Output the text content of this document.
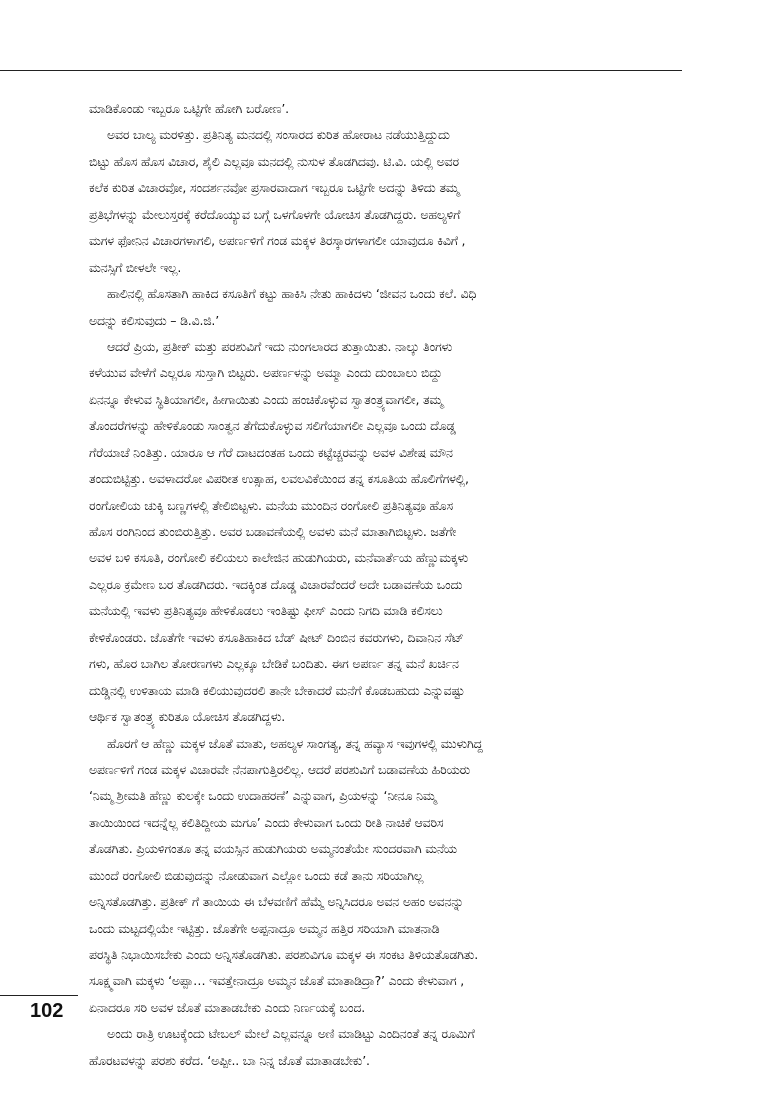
ಮಾಡಿಕೊಂಡು ಇಬ್ಬರೂ ಒಟ್ಟಿಗೇ ಹೋಗಿ ಬರೋಣ’.
ಅವರ ಬಾಲ್ಯ ಮರಳಿತ್ತು. ಪ್ರತಿನಿತ್ಯ ಮನದಲ್ಲಿ ಸಂಸಾರದ ಕುರಿತ ಹೋರಾಟ ನಡೆಯುತ್ತಿದ್ದುದು
ಬಿಟ್ಟು ಹೊಸ ಹೊಸ ವಿಚಾರ, ಶೈಲಿ ಎಲ್ಲವೂ ಮನದಲ್ಲಿ ನುಸುಳ ತೊಡಗಿದವು. ಟಿ.ವಿ. ಯಲ್ಲಿ ಅವರ
ಕಲೆಕ ಕುರಿತ ವಿಚಾರವೋ, ಸಂದರ್ಶನವೋ ಪ್ರಸಾರವಾದಾಗ ಇಬ್ಬರೂ ಒಟ್ಟಿಗೇ ಅದನ್ನು ತಿಳಿದು ತಮ್ಮ
ಪ್ರತಿಭೆಗಳನ್ನು ಮೇಲುಸ್ತರಕ್ಕೆ ಕರೆದೊಯ್ಯುವ ಬಗ್ಗೆ ಒಳಗೊಳಗೇ ಯೋಚಿಸ ತೊಡಗಿದ್ದರು. ಅಹಲ್ಯಳಿಗೆ
ಮಗಳ ಫೋನಿನ ವಿಚಾರಗಳಾಗಲಿ, ಅಪರ್ಣಳಿಗೆ ಗಂಡ ಮಕ್ಕಳ ತಿರಸ್ಕಾರಗಳಾಗಲೀ ಯಾವುದೂ ಕಿವಿಗೆ ,
ಮನಸ್ಸಿಗೆ ಬೀಳಲೇ ಇಲ್ಲ.
ಹಾಲಿನಲ್ಲಿ ಹೊಸತಾಗಿ ಹಾಕಿದ ಕಸೂತಿಗೆ ಕಟ್ಟು ಹಾಕಿಸಿ ನೇತು ಹಾಕಿದಳು ‘ಜೀವನ ಒಂದು ಕಲೆ. ವಿಧಿ
ಅದನ್ನು ಕಲಿಸುವುದು – ಡಿ.ವಿ.ಜಿ.’
ಆದರೆ ಪ್ರಿಯ, ಪ್ರತೀಕ್ ಮತ್ತು ಪರಶುವಿಗೆ ಇದು ನುಂಗಲಾರದ ತುತ್ತಾಯಿತು. ನಾಲ್ಕು ತಿಂಗಳು
ಕಳೆಯುವ ವೇಳೆಗೆ ಎಲ್ಲರೂ ಸುಸ್ತಾಗಿ ಬಿಟ್ಟರು. ಅಪರ್ಣಳನ್ನು ಅಮ್ಮಾ ಎಂದು ದುಂಬಾಲು ಬಿದ್ದು
ಏನನ್ನೂ ಕೇಳುವ ಸ್ಥಿತಿಯಾಗಲೀ, ಹೀಗಾಯಿತು ಎಂದು ಹಂಚಿಕೊಳ್ಳುವ ಸ್ವಾತಂತ್ರ್ಯವಾಗಲೀ, ತಮ್ಮ
ತೊಂದರೆಗಳನ್ನು ಹೇಳಿಕೊಂಡು ಸಾಂತ್ವನ ತೆಗೆದುಕೊಳ್ಳುವ ಸಲಿಗೆಯಾಗಲೀ ಎಲ್ಲವೂ ಒಂದು ದೊಡ್ಡ
ಗೆರೆಯಾಚೆ ನಿಂತಿತ್ತು. ಯಾರೂ ಆ ಗೆರೆ ದಾಟದಂತಹ ಒಂದು ಕಟ್ಟೆಚ್ಚರವನ್ನು ಅವಳ ವಿಶೇಷ ಮೌನ
ತಂದುಬಿಟ್ಟಿತ್ತು. ಅವಳಾದರೋ ವಿಪರೀತ ಉತ್ಸಾಹ, ಲವಲವಿಕೆಯಿಂದ ತನ್ನ ಕಸೂತಿಯ ಹೊಲಿಗೆಗಳಲ್ಲಿ,
ರಂಗೋಲಿಯ ಚುಕ್ಕಿ ಬಣ್ಣಗಳಲ್ಲಿ ತೇಲಿಬಿಟ್ಟಳು. ಮನೆಯ ಮುಂದಿನ ರಂಗೋಲಿ ಪ್ರತಿನಿತ್ಯವೂ ಹೊಸ
ಹೊಸ ರಂಗಿನಿಂದ ತುಂಬಿರುತ್ತಿತ್ತು. ಅವರ ಬಡಾವಣೆಯಲ್ಲಿ ಅವಳು ಮನೆ ಮಾತಾಗಿಬಿಟ್ಟಳು. ಜತೆಗೇ
ಅವಳ ಬಳಿ ಕಸೂತಿ, ರಂಗೋಲಿ ಕಲಿಯಲು ಕಾಲೇಜಿನ ಹುಡುಗಿಯರು, ಮನೆವಾರ್ತೆಯ ಹೆಣ್ಣುಮಕ್ಕಳು
ಎಲ್ಲರೂ ಕ್ರಮೇಣ ಬರ ತೊಡಗಿದರು. ಇದಕ್ಕಿಂತ ದೊಡ್ಡ ವಿಚಾರವೆಂದರೆ ಅದೇ ಬಡಾವಣೆಯ ಒಂದು
ಮನೆಯಲ್ಲಿ ಇವಳು ಪ್ರತಿನಿತ್ಯವೂ ಹೇಳಿಕೊಡಲು ಇಂತಿಷ್ಟು ಫೀಸ್ ಎಂದು ನಿಗದಿ ಮಾಡಿ ಕಲಿಸಲು
ಕೇಳಿಕೊಂಡರು. ಜೊತೆಗೇ ಇವಳು ಕಸೂತಿಹಾಕಿದ ಬೆಡ್ ಷೀಟ್ ದಿಂಬಿನ ಕವರುಗಳು, ದಿವಾನಿನ ಸೆಟ್
ಗಳು, ಹೊರ ಬಾಗಿಲ ತೋರಣಗಳು ಎಲ್ಲಕ್ಕೂ ಬೇಡಿಕೆ ಬಂದಿತು. ಈಗ ಅಪರ್ಣ ತನ್ನ ಮನೆ ಖರ್ಚಿನ
ದುಡ್ಡಿನಲ್ಲಿ ಉಳಿತಾಯ ಮಾಡಿ ಕಲಿಯುವುದರಲಿ ತಾನೇ ಬೇಕಾದರೆ ಮನೆಗೆ ಕೊಡಬಹುದು ಎನ್ನುವಷ್ಟು
ಆರ್ಥಿಕ ಸ್ವಾತಂತ್ರ್ಯ ಕುರಿತೂ ಯೋಚಿಸ ತೊಡಗಿದ್ದಳು.
ಹೊರಗೆ ಆ ಹೆಣ್ಣು ಮಕ್ಕಳ ಜೊತೆ ಮಾತು, ಅಹಲ್ಯಳ ಸಾಂಗತ್ಯ, ತನ್ನ ಹವ್ಯಾಸ ಇವುಗಳಲ್ಲಿ ಮುಳುಗಿದ್ದ
ಅಪರ್ಣಳಿಗೆ ಗಂಡ ಮಕ್ಕಳ ವಿಚಾರವೇ ನೆನಪಾಗುತ್ತಿರಲಿಲ್ಲ. ಆದರೆ ಪರಶುವಿಗೆ ಬಡಾವಣೆಯ ಹಿರಿಯರು
‘ನಿಮ್ಮ ಶ್ರೀಮತಿ ಹೆಣ್ಣು ಕುಲಕ್ಕೇ ಒಂದು ಉದಾಹರಣೆ’ ಎನ್ನುವಾಗ, ಪ್ರಿಯಳನ್ನು ‘ನೀನೂ ನಿಮ್ಮ
ತಾಯಿಯಿಂದ ಇದನ್ನೆಲ್ಲ ಕಲಿತಿದ್ದೀಯ ಮಗೂ’ ಎಂದು ಕೇಳುವಾಗ ಒಂದು ರೀತಿ ನಾಚಿಕೆ ಆವರಿಸ
ತೊಡಗಿತು. ಪ್ರಿಯಳಿಗಂತೂ ತನ್ನ ವಯಸ್ಸಿನ ಹುಡುಗಿಯರು ಅಮ್ಮನಂತೆಯೇ ಸುಂದರವಾಗಿ ಮನೆಯ
ಮುಂದೆ ರಂಗೋಲಿ ಬಿಡುವುದನ್ನು ನೋಡುವಾಗ ಎಲ್ಲೋ ಒಂದು ಕಡೆ ತಾನು ಸರಿಯಾಗಿಲ್ಲ
ಅನ್ನಿಸತೊಡಗಿತ್ತು. ಪ್ರತೀಕ್ ಗೆ ತಾಯಿಯ ಈ ಬೆಳವಣಿಗೆ ಹೆಮ್ಮೆ ಅನ್ನಿಸಿದರೂ ಅವನ ಅಹಂ ಅವನನ್ನು
ಒಂದು ಮಟ್ಟದಲ್ಲಿಯೇ ಇಟ್ಟಿತ್ತು. ಜೊತೆಗೇ ಅಪ್ಪನಾದ್ರೂ ಅಮ್ಮನ ಹತ್ತಿರ ಸರಿಯಾಗಿ ಮಾತನಾಡಿ
ಪರಸ್ಥಿತಿ ನಿಭಾಯಿಸಬೇಕು ಎಂದು ಅನ್ನಿಸತೊಡಗಿತು. ಪರಶುವಿಗೂ ಮಕ್ಕಳ ಈ ಸಂಕಟ ತಿಳಿಯತೊಡಗಿತು.
ಸೂಕ್ಷ್ಮವಾಗಿ ಮಕ್ಕಳು ‘ಅಪ್ಪಾ… ಇವತ್ತೇನಾದ್ರೂ ಅಮ್ಮನ ಜೊತೆ ಮಾತಾಡಿದ್ರಾ?’ ಎಂದು ಕೇಳುವಾಗ ,
ಏನಾದರೂ ಸರಿ ಅವಳ ಜೊತೆ ಮಾತಾಡಬೇಕು ಎಂದು ನಿರ್ಣಯಕ್ಕೆ ಬಂದ.
ಅಂದು ರಾತ್ರಿ ಊಟಕ್ಕೆಂದು ಟೇಬಲ್ ಮೇಲೆ ಎಲ್ಲವನ್ನೂ ಅಣಿ ಮಾಡಿಟ್ಟು ಎಂದಿನಂತೆ ತನ್ನ ರೂಮಿಗೆ
ಹೊರಟವಳನ್ನು ಪರಶು ಕರೆದ. ‘ಅಪ್ಪೀ.. ಬಾ ನಿನ್ನ ಜೊತೆ ಮಾತಾಡಬೇಕು’.
102
